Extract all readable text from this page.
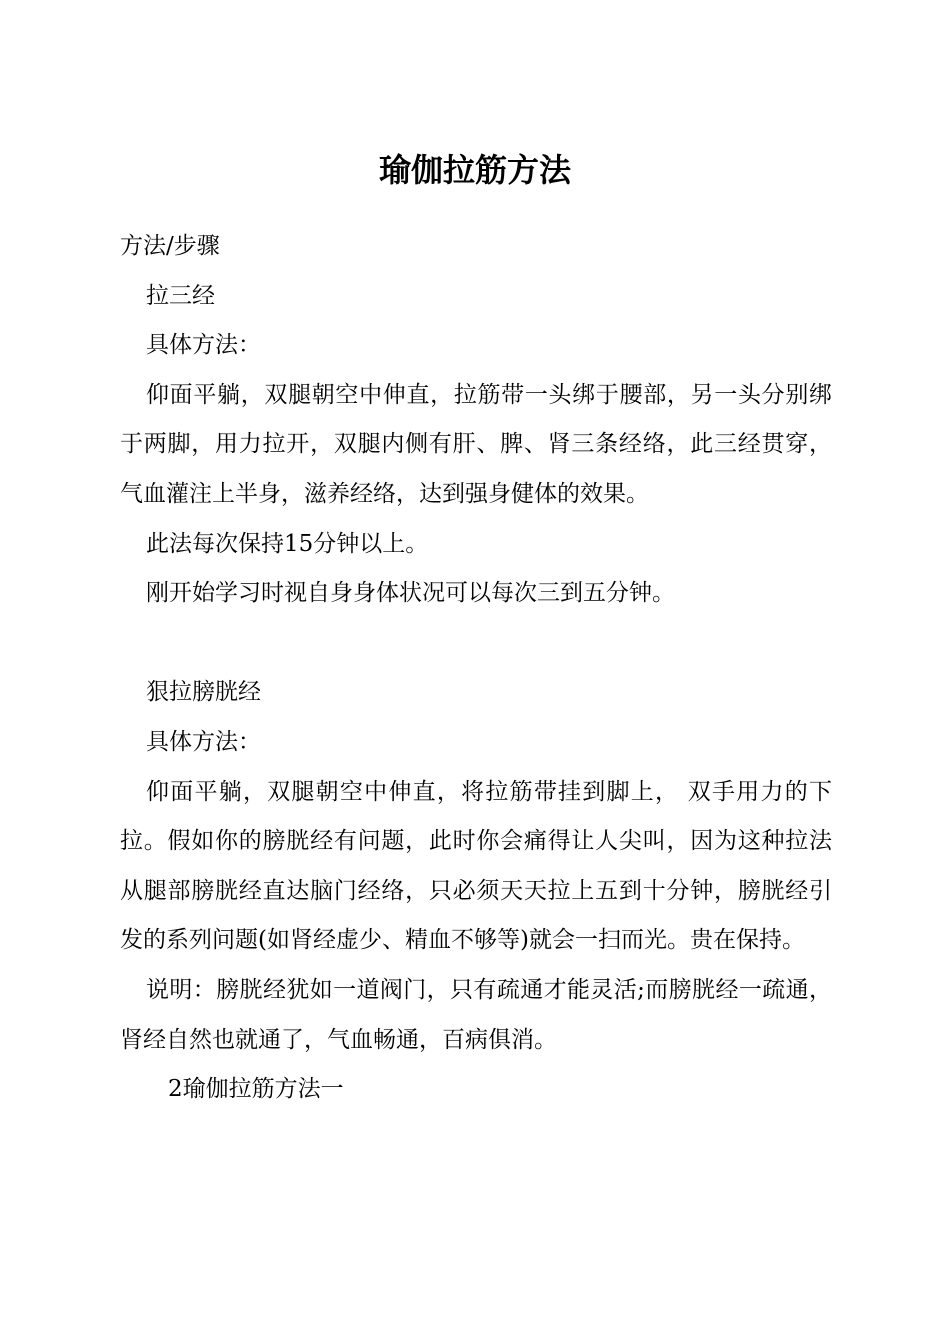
瑜伽拉筋方法

方法/步骤

拉三经

具体方法：

仰面平躺，双腿朝空中伸直，拉筋带一头绑于腰部，另一头分别绑于两脚，用力拉开，双腿内侧有肝、脾、肾三条经络，此三经贯穿，气血灌注上半身，滋养经络，达到强身健体的效果。

此法每次保持15分钟以上。

刚开始学习时视自身身体状况可以每次三到五分钟。

狠拉膀胱经

具体方法：

仰面平躺，双腿朝空中伸直，将拉筋带挂到脚上， 双手用力的下拉。假如你的膀胱经有问题，此时你会痛得让人尖叫，因为这种拉法从腿部膀胱经直达脑门经络，只必须天天拉上五到十分钟，膀胱经引发的系列问题(如肾经虚少、精血不够等)就会一扫而光。贵在保持。

说明：膀胱经犹如一道阀门，只有疏通才能灵活;而膀胱经一疏通，肾经自然也就通了，气血畅通，百病俱消。

2瑜伽拉筋方法一
